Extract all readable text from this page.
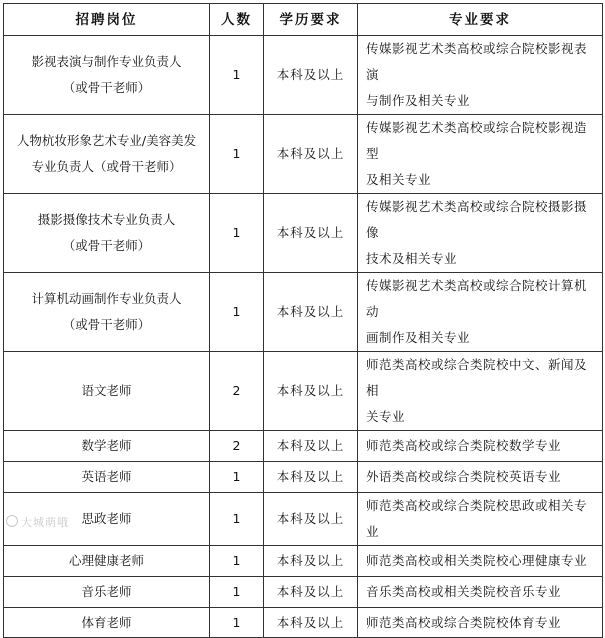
招聘岗位	人数	学历要求	专业要求

影视表演与制作专业负责人
（或骨干老师）	1	本科及以上	传媒影视艺术类高校或综合院校影视表演
与制作及相关专业

人物杭妆形象艺术专业/美容美发
专业负责人（或骨干老师）	1	本科及以上	传媒影视艺术类高校或综合院校影视造型
及相关专业

摄影摄像技术专业负责人
（或骨干老师）	1	本科及以上	传媒影视艺术类高校或综合院校摄影摄像
技术及相关专业

计算机动画制作专业负责人
（或骨干老师）	1	本科及以上	传媒影视艺术类高校或综合院校计算机动
画制作及相关专业

语文老师	2	本科及以上	师范类高校或综合类院校中文、新闻及相
关专业

数学老师	2	本科及以上	师范类高校或综合类院校数学专业

英语老师	1	本科及以上	外语类高校或综合类院校英语专业

思政老师	1	本科及以上	师范类高校或综合类院校思政或相关专业

心理健康老师	1	本科及以上	师范类高校或相关类院校心理健康专业

音乐老师	1	本科及以上	音乐类高校或相关类院校音乐专业

体育老师	1	本科及以上	师范类高校或综合类院校体育专业
大城萌哦
